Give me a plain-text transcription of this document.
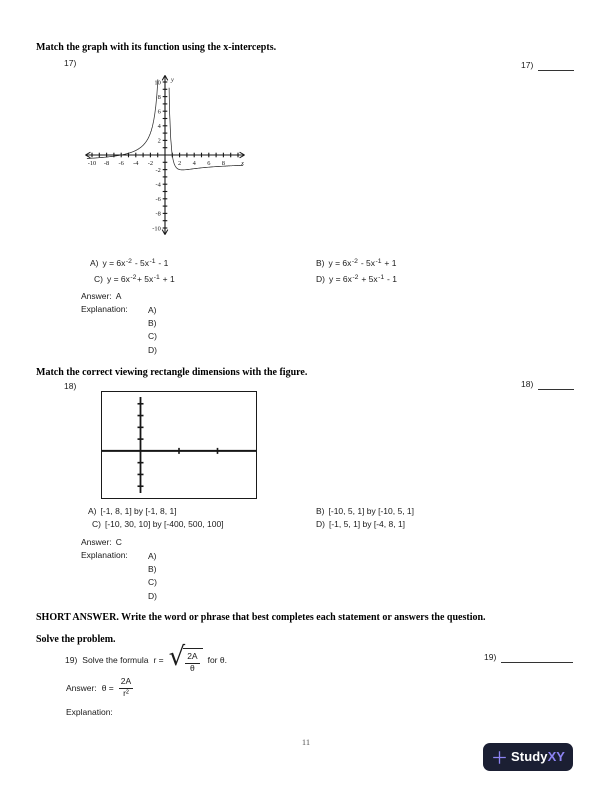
Match the graph with its function using the x-intercepts.
17)	17)
-10 -8 -6 -4 -2	2 4 6 8
10
8
6
4
2
-2
-4
-6
-8
-10
x
y
A) $y = 6x^{-2} - 5x^{-1} - 1$	B) $y = 6x^{-2} - 5x^{-1} + 1$
C) $y = 6x^{-2}+ 5x^{-1} + 1$	D) $y = 6x^{-2} + 5x^{-1} - 1$
Answer: A
Explanation: A)
B)
C)
D)
Match the correct viewing rectangle dimensions with the figure.
18)	18)
A) [-1, 8, 1] by [-1, 8, 1]	B) [-10, 5, 1] by [-10, 5, 1]
C) [-10, 30, 10] by [-400, 500, 100]	D) [-1, 5, 1] by [-4, 8, 1]
Answer: C
Explanation: A)
B)
C)
D)
SHORT ANSWER. Write the word or phrase that best completes each statement or answers the question.
Solve the problem.
19) Solve the formula r = √ $\frac{2A}{\theta}$ for θ.	19)
Answer: $\theta = \frac{2A}{\text{r²}}$
Explanation:
11
StudyXY
